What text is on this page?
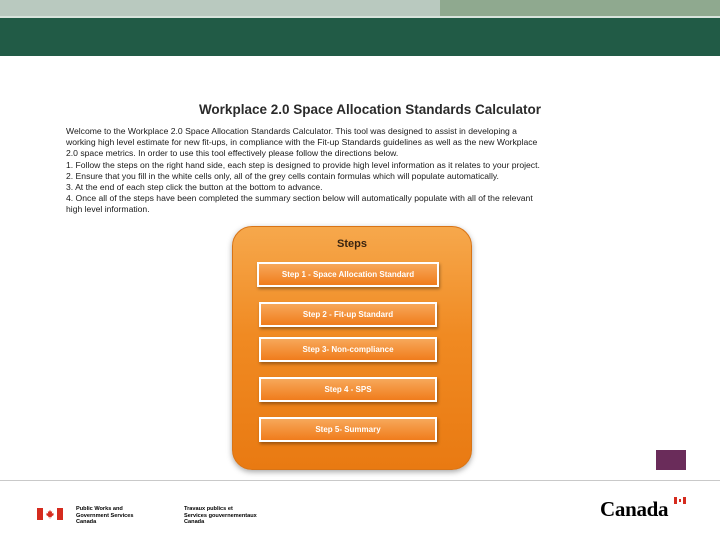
Workplace 2.0 Space Allocation Standards Calculator

Welcome to the Workplace 2.0 Space Allocation Standards Calculator. This tool was designed to assist in developing a

working high level estimate for new fit-ups, in compliance with the Fit-up Standards guidelines as well as the new Workplace

2.0 space metrics. In order to use this tool effectively please follow the directions below.

1. Follow the steps on the right hand side, each step is designed to provide high level information as it relates to your project.

2. Ensure that you fill in the white cells only, all of the grey cells contain formulas which will populate automatically.

3. At the end of each step click the button at the bottom to advance.

4. Once all of the steps have been completed the summary section below will automatically populate with all of the relevant

high level information.

Steps
Step 1 - Space Allocation Standard
Step 2 - Fit-up Standard
Step 3- Non-compliance
Step 4 - SPS
Step 5- Summary
Public Works and
Government Services
Canada
Travaux publics et
Services gouvernementaux
Canada
Canada
